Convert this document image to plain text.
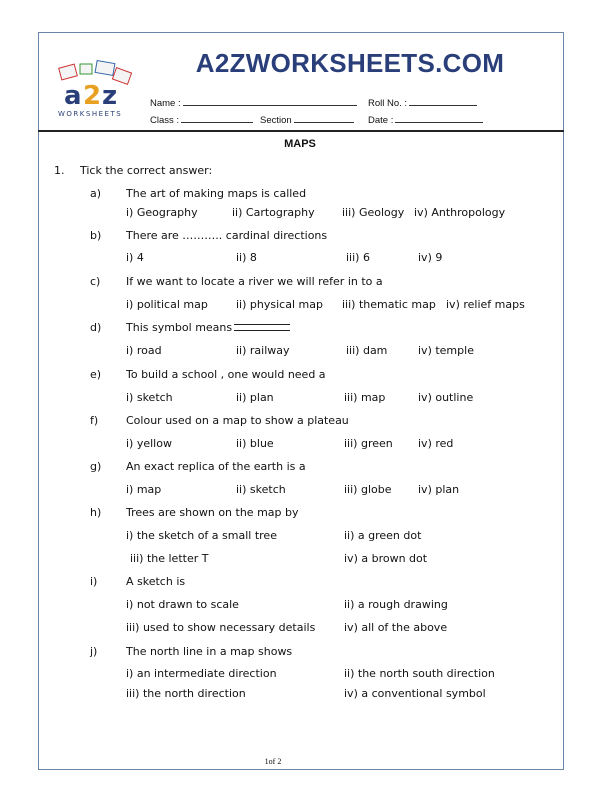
a 2 z
WORKSHEETS
A2ZWORKSHEETS.COM
Name :	Roll No. :
Class :	Section	Date :
MAPS
1. Tick the correct answer:
a) The art of making maps is called
i) Geography	ii) Cartography iii) Geology iv) Anthropology
b) There are ……….. cardinal directions
i) 4	ii) 8	iii) 6	iv) 9
c) If we want to locate a river we will refer in to a
i) political map	ii) physical map iii) thematic map iv) relief maps
d) This symbol means
i) road	ii) railway	iii) dam	iv) temple
e) To build a school , one would need a
i) sketch	ii) plan	iii) map	iv) outline
f)	Colour used on a map to show a plateau
i) yellow	ii) blue	iii) green iv) red
g) An exact replica of the earth is a
i) map	ii) sketch	iii) globe iv) plan
h) Trees are shown on the map by
i) the sketch of a small tree	ii) a green dot
iii) the letter T	iv) a brown dot
i)	A sketch is
i) not drawn to scale	ii) a rough drawing
iii) used to show necessary details	iv) all of the above
j)	The north line in a map shows
i) an intermediate direction	ii) the north south direction
iii) the north direction	iv) a conventional symbol
1of 2
